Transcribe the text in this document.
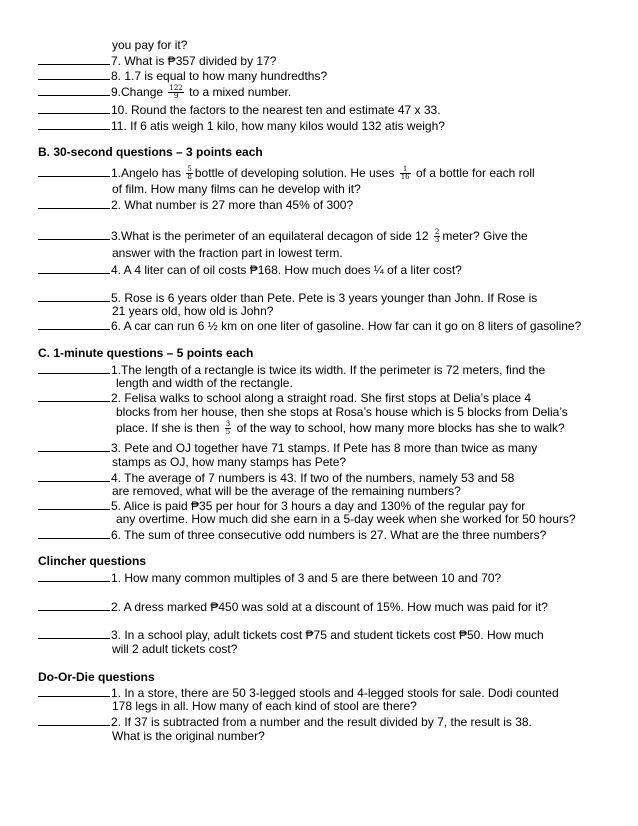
you pay for it?
7. What is ₱357 divided by 17?
8. 1.7 is equal to how many hundredths?
9.Change $\frac{122}{9}$ to a mixed number.
10. Round the factors to the nearest ten and estimate 47 x 33.
11. If 6 atis weigh 1 kilo, how many kilos would 132 atis weigh?
B. 30-second questions – 3 points each
1.Angelo has $\frac{5}{8}$ bottle of developing solution. He uses $\frac{1}{16}$ of a bottle for each roll
of film. How many films can he develop with it?
2. What number is 27 more than 45% of 300?
3.What is the perimeter of an equilateral decagon of side $12 \frac{2}{3}$ meter? Give the
answer with the fraction part in lowest term.
4. A 4 liter can of oil costs ₱168. How much does ¼ of a liter cost?
5. Rose is 6 years older than Pete. Pete is 3 years younger than John. If Rose is
21 years old, how old is John?
6. A car can run 6 ½ km on one liter of gasoline. How far can it go on 8 liters of gasoline?
C. 1-minute questions – 5 points each
1.The length of a rectangle is twice its width. If the perimeter is 72 meters, find the
length and width of the rectangle.
2. Felisa walks to school along a straight road. She first stops at Delia’s place 4
blocks from her house, then she stops at Rosa’s house which is 5 blocks from Delia’s
place. If she is then $\frac{3}{5}$ of the way to school, how many more blocks has she to walk?
3. Pete and OJ together have 71 stamps. If Pete has 8 more than twice as many
stamps as OJ, how many stamps has Pete?
4. The average of 7 numbers is 43. If two of the numbers, namely 53 and 58
are removed, what will be the average of the remaining numbers?
5. Alice is paid ₱35 per hour for 3 hours a day and 130% of the regular pay for
any overtime. How much did she earn in a 5-day week when she worked for 50 hours?
6. The sum of three consecutive odd numbers is 27. What are the three numbers?
Clincher questions
1. How many common multiples of 3 and 5 are there between 10 and 70?
2. A dress marked ₱450 was sold at a discount of 15%. How much was paid for it?
3. In a school play, adult tickets cost ₱75 and student tickets cost ₱50. How much
will 2 adult tickets cost?
Do-Or-Die questions
1. In a store, there are 50 3-legged stools and 4-legged stools for sale. Dodi counted
178 legs in all. How many of each kind of stool are there?
2. If 37 is subtracted from a number and the result divided by 7, the result is 38.
What is the original number?
